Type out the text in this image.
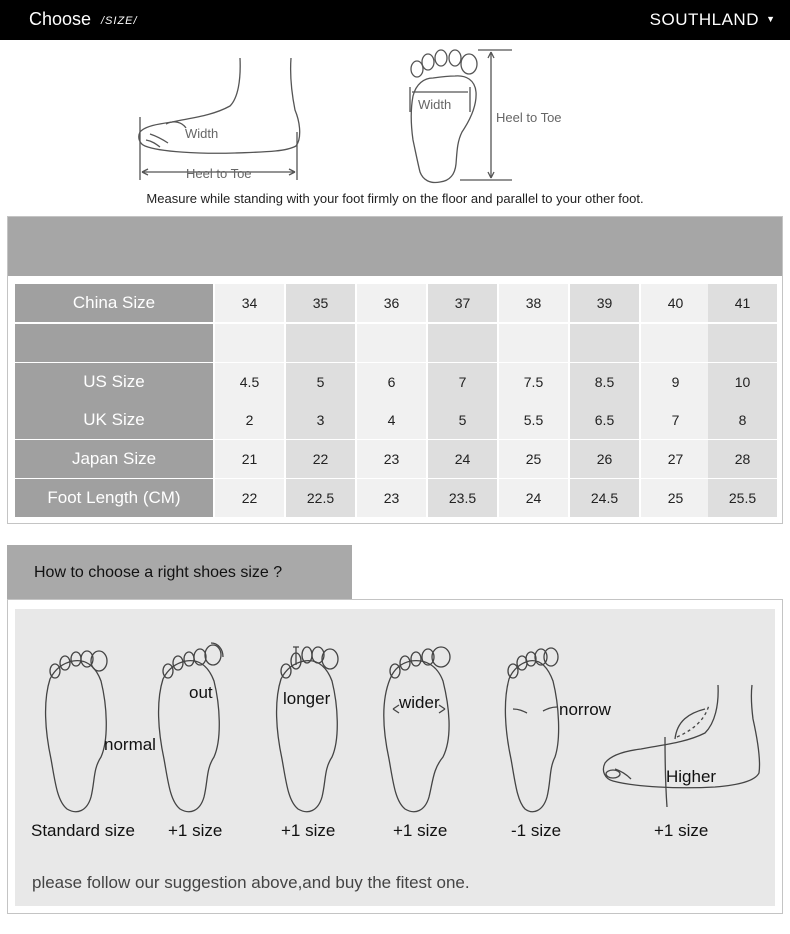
Choose /SIZE/	SOUTHLAND ▼
Width
Heel to Toe
Width
Heel to Toe
Measure while standing with your foot firmly on the floor and parallel to your other foot.
China Size	34	35	36	37	38	39	40	41
US Size	4.5	5	6	7	7.5	8.5	9	10
UK Size	2	3	4	5	5.5	6.5	7	8
Japan Size	21	22	23	24	25	26	27	28
Foot Length (CM)	22	22.5	23	23.5	24	24.5	25	25.5
How to choose a right shoes size ?
normal
out	longer	wider	norrow
Higher
Standard size +1 size	+1 size	+1 size	-1 size	+1 size
please follow our suggestion above,and buy the fitest one.
